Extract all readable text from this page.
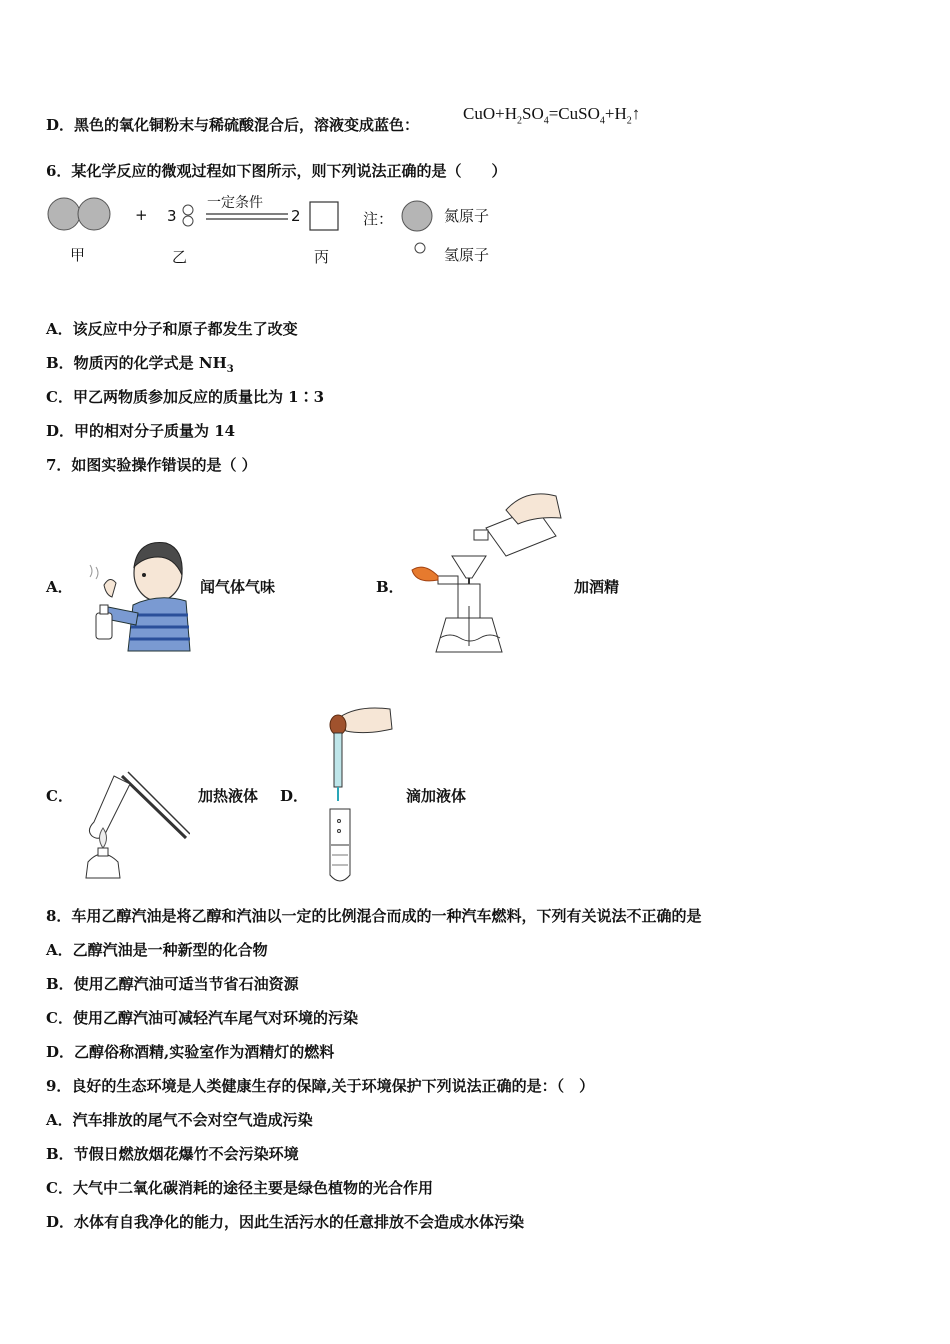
D．黑色的氧化铜粉末与稀硫酸混合后，溶液变成蓝色：
$CuO+H_2SO_4=CuSO_4+H_2↑$
6．某化学反应的微观过程如下图所示，则下列说法正确的是（　　）
+ 3
一定条件
2	注：	氮原子
氢原子
甲	乙	丙
A．该反应中分子和原子都发生了改变
B．物质丙的化学式是 $NH_3$
C．甲乙两物质参加反应的质量比为 1∶3
D．甲的相对分子质量为 14
7．如图实验操作错误的是（ ）
A．	闻气体气味	B．	加酒精
C．	加热液体 D．	滴加液体
8．车用乙醇汽油是将乙醇和汽油以一定的比例混合而成的一种汽车燃料，下列有关说法不正确的是
A．乙醇汽油是一种新型的化合物
B．使用乙醇汽油可适当节省石油资源
C．使用乙醇汽油可减轻汽车尾气对环境的污染
D．乙醇俗称酒精,实验室作为酒精灯的燃料
9．良好的生态环境是人类健康生存的保障,关于环境保护下列说法正确的是：（　）
A．汽车排放的尾气不会对空气造成污染
B．节假日燃放烟花爆竹不会污染环境
C．大气中二氧化碳消耗的途径主要是绿色植物的光合作用
D．水体有自我净化的能力，因此生活污水的任意排放不会造成水体污染
